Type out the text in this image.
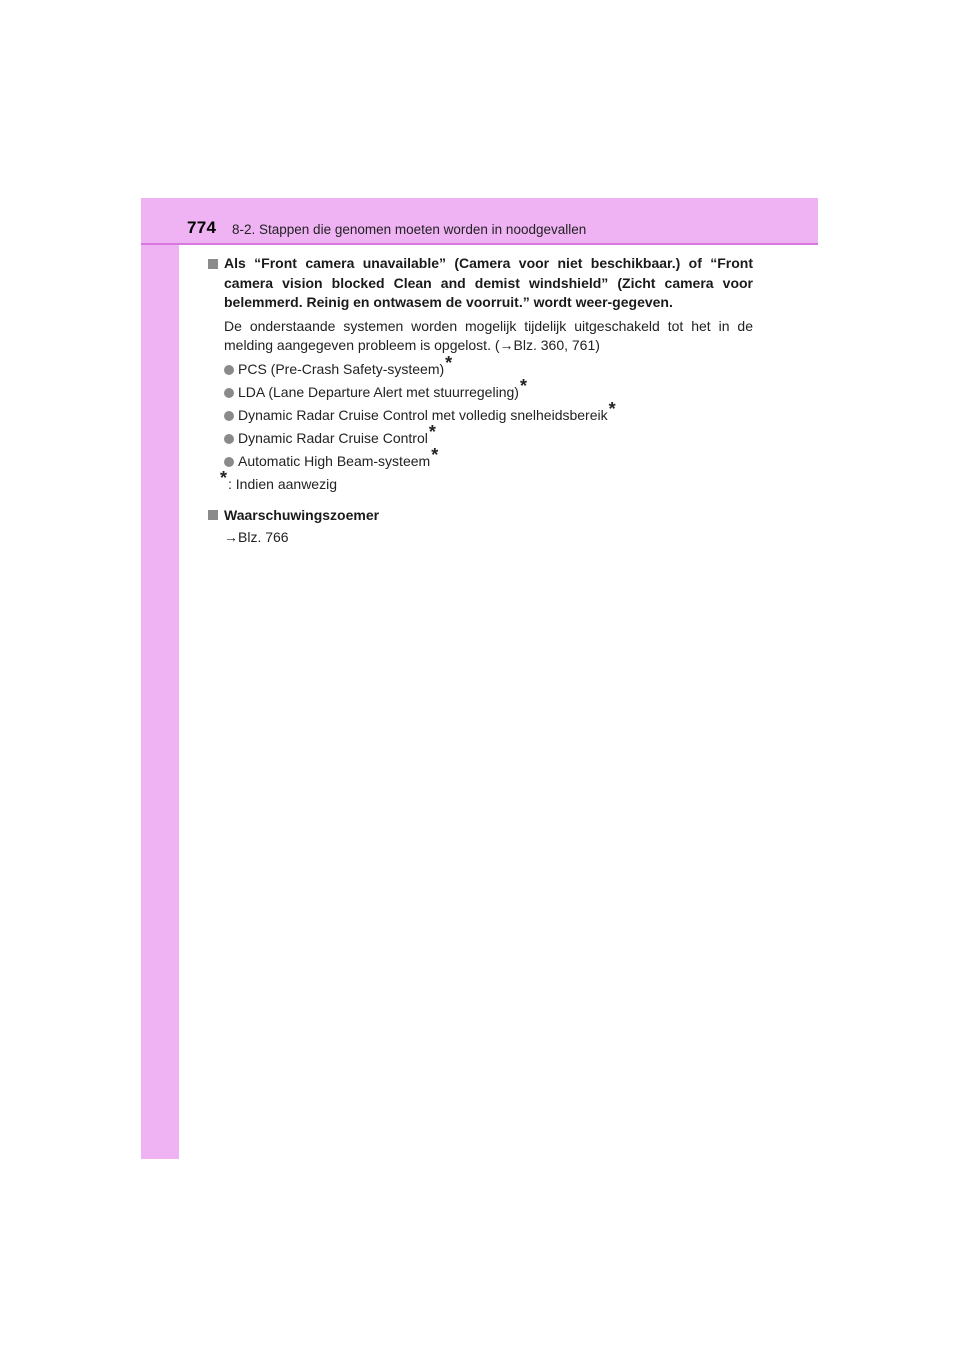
774 8-2. Stappen die genomen moeten worden in noodgevallen
Als “Front camera unavailable” (Camera voor niet beschikbaar.) of “Front camera vision blocked Clean and demist windshield” (Zicht camera voor belemmerd. Reinig en ontwasem de voorruit.” wordt weer-gegeven.
De onderstaande systemen worden mogelijk tijdelijk uitgeschakeld tot het in de melding aangegeven probleem is opgelost. (→Blz. 360, 761)
PCS (Pre-Crash Safety-systeem)*
LDA (Lane Departure Alert met stuurregeling)*
Dynamic Radar Cruise Control met volledig snelheidsbereik*
Dynamic Radar Cruise Control*
Automatic High Beam-systeem*
*: Indien aanwezig
Waarschuwingszoemer
→Blz. 766
